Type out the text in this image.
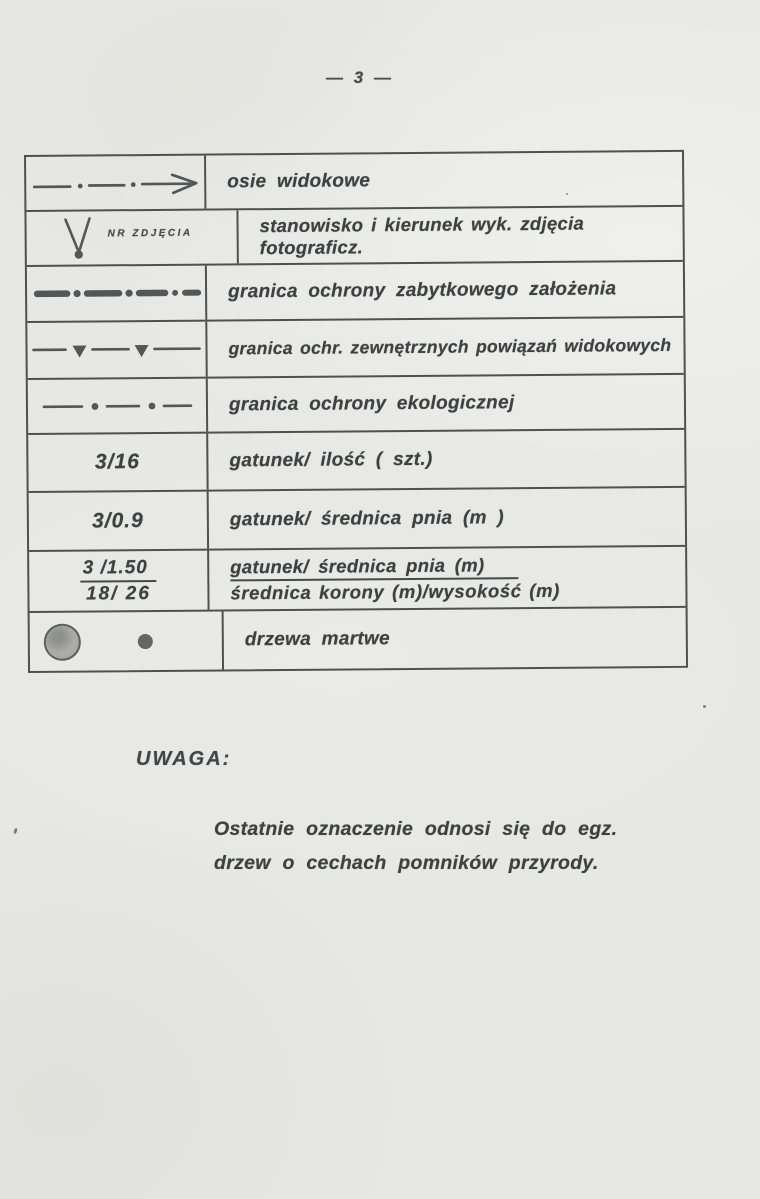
— 3 —
osie widokowe
NR ZDJĘCIA	stanowisko i kierunek wyk. zdjęcia fotograficz.
granica ochrony zabytkowego założenia
granica ochr. zewnętrznych powiązań widokowych
granica ochrony ekologicznej
3/16	gatunek/ ilość ( szt.)
3/0.9	gatunek/ średnica pnia (m )
$\frac{3 /1.50}{18/ 26}$	gatunek/ średnica pnia (m)
średnica korony (m)/wysokość (m)
drzewa martwe
UWAGA:
Ostatnie oznaczenie odnosi się do egz.
drzew o cechach pomników przyrody.
